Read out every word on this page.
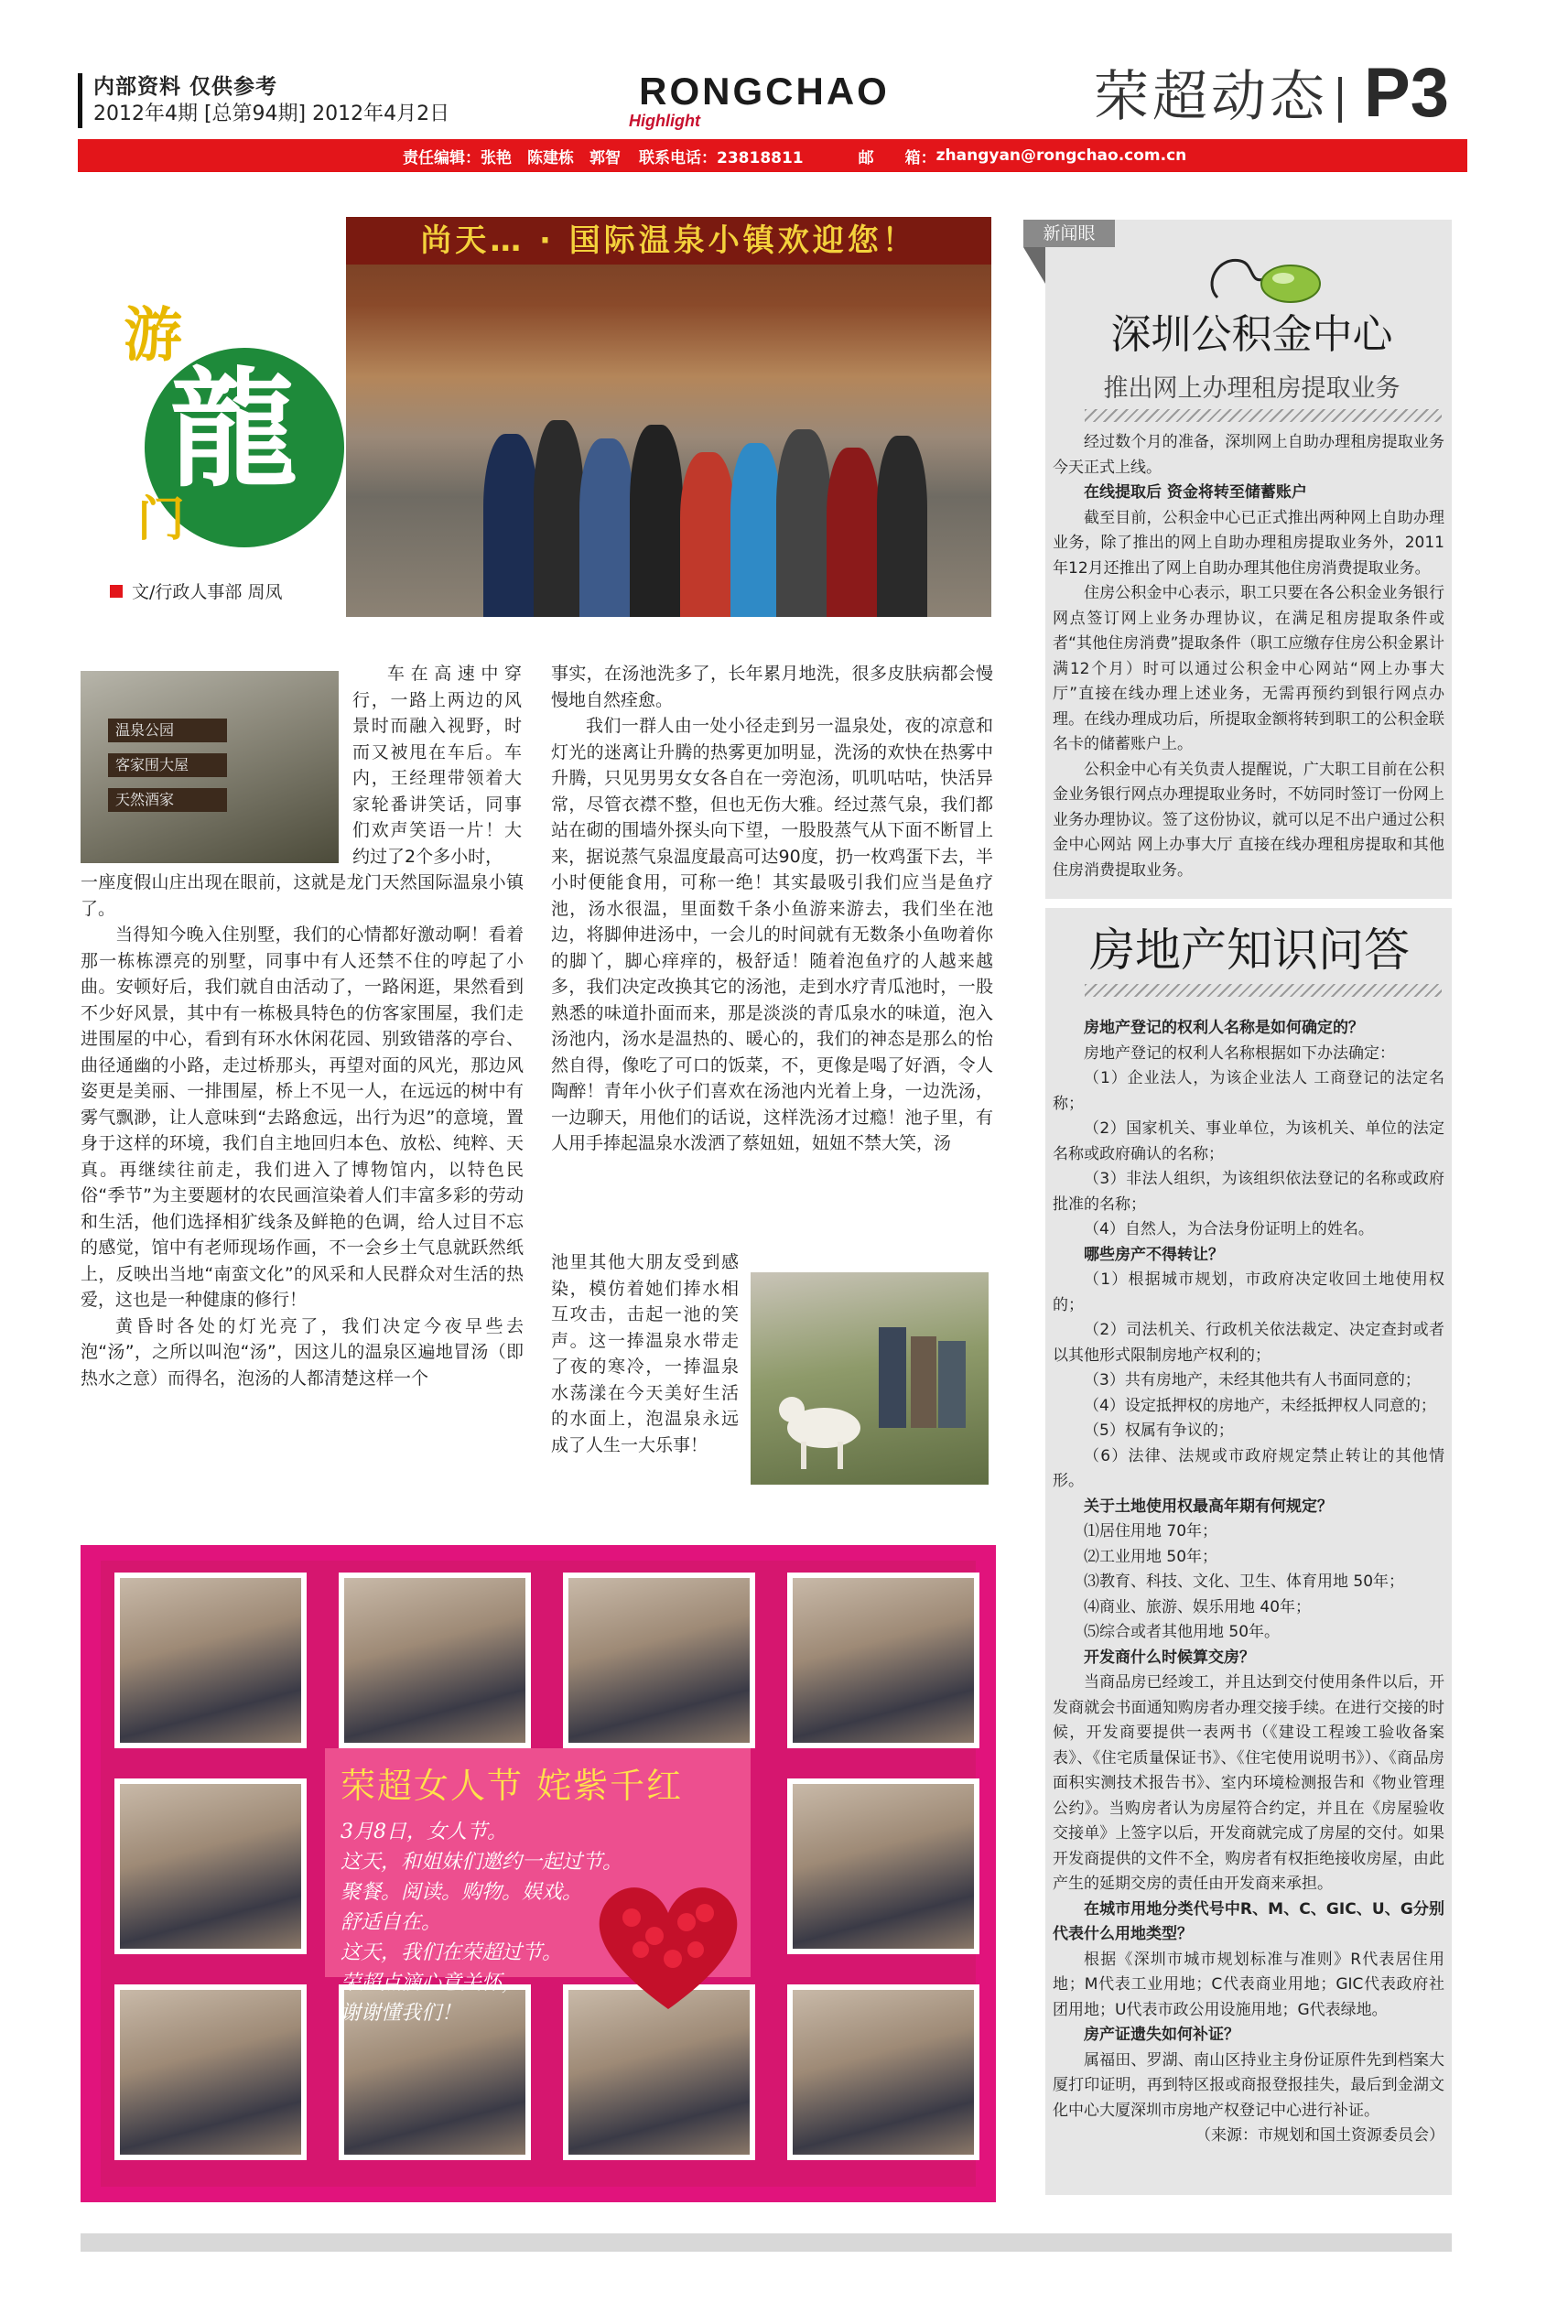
内部资料 仅供参考
2012年4期 [总第94期] 2012年4月2日
RONGCHAO
Highlight	荣超动态 P3
责任编辑：张艳　陈建栋　郭智 联系电话：23818811	邮　　箱： zhangyan@rongchao.com.cn
尚天… · 国际温泉小镇欢迎您！
游
龍
门
文/行政人事部 周凤
温泉公园
客家围大屋
天然酒家

车在高速中穿行，一路上两边的风景时而融入视野，时而又被甩在车后。车内，王经理带领着大家轮番讲笑话，同事们欢声笑语一片！大约过了2个多小时，

一座度假山庄出现在眼前，这就是龙门天然国际温泉小镇了。

当得知今晚入住别墅，我们的心情都好激动啊！看着那一栋栋漂亮的别墅，同事中有人还禁不住的哼起了小曲。安顿好后，我们就自由活动了，一路闲逛，果然看到不少好风景，其中有一栋极具特色的仿客家围屋，我们走进围屋的中心，看到有环水休闲花园、别致错落的亭台、曲径通幽的小路，走过桥那头，再望对面的风光，那边风姿更是美丽、一排围屋，桥上不见一人，在远远的树中有雾气飘渺，让人意味到“去路愈远，出行为迟”的意境，置身于这样的环境，我们自主地回归本色、放松、纯粹、天真。再继续往前走，我们进入了博物馆内，以特色民俗“季节”为主要题材的农民画渲染着人们丰富多彩的劳动和生活，他们选择相犷线条及鲜艳的色调，给人过目不忘的感觉，馆中有老师现场作画，不一会乡土气息就跃然纸上，反映出当地“南蛮文化”的风采和人民群众对生活的热爱，这也是一种健康的修行！

黄昏时各处的灯光亮了，我们决定今夜早些去泡“汤”，之所以叫泡“汤”，因这儿的温泉区遍地冒汤（即热水之意）而得名，泡汤的人都清楚这样一个

事实，在汤池洗多了，长年累月地洗，很多皮肤病都会慢慢地自然痊愈。

我们一群人由一处小径走到另一温泉处，夜的凉意和灯光的迷离让升腾的热雾更加明显，洗汤的欢快在热雾中升腾，只见男男女女各自在一旁泡汤，叽叽咕咕，快活异常，尽管衣襟不整，但也无伤大雅。经过蒸气泉，我们都站在砌的围墙外探头向下望，一股股蒸气从下面不断冒上来，据说蒸气泉温度最高可达90度，扔一枚鸡蛋下去，半小时便能食用，可称一绝！其实最吸引我们应当是鱼疗池，汤水很温，里面数千条小鱼游来游去，我们坐在池边，将脚伸进汤中，一会儿的时间就有无数条小鱼吻着你的脚丫，脚心痒痒的，极舒适！随着泡鱼疗的人越来越多，我们决定改换其它的汤池，走到水疗青瓜池时，一股熟悉的味道扑面而来，那是淡淡的青瓜泉水的味道，泡入汤池内，汤水是温热的、暖心的，我们的神态是那么的怡然自得，像吃了可口的饭菜，不，更像是喝了好酒，令人陶醉！青年小伙子们喜欢在汤池内光着上身，一边洗汤，一边聊天，用他们的话说，这样洗汤才过瘾！池子里，有人用手捧起温泉水泼洒了蔡妞妞，妞妞不禁大笑，汤

池里其他大朋友受到感染，模仿着她们捧水相互攻击，击起一池的笑声。这一捧温泉水带走了夜的寒冷，一捧温泉水荡漾在今天美好生活的水面上，泡温泉永远成了人生一大乐事！

新闻眼
深圳公积金中心
推出网上办理租房提取业务

经过数个月的准备，深圳网上自助办理租房提取业务今天正式上线。

在线提取后 资金将转至储蓄账户

截至目前，公积金中心已正式推出两种网上自助办理业务，除了推出的网上自助办理租房提取业务外，2011年12月还推出了网上自助办理其他住房消费提取业务。

住房公积金中心表示，职工只要在各公积金业务银行网点签订网上业务办理协议，在满足租房提取条件或者“其他住房消费”提取条件（职工应缴存住房公积金累计满12个月）时可以通过公积金中心网站“网上办事大厅”直接在线办理上述业务，无需再预约到银行网点办理。在线办理成功后，所提取金额将转到职工的公积金联名卡的储蓄账户上。

公积金中心有关负责人提醒说，广大职工目前在公积金业务银行网点办理提取业务时，不妨同时签订一份网上业务办理协议。签了这份协议，就可以足不出户通过公积金中心网站 网上办事大厅 直接在线办理租房提取和其他住房消费提取业务。

房地产知识问答

房地产登记的权利人名称是如何确定的？

房地产登记的权利人名称根据如下办法确定：

（1）企业法人，为该企业法人 工商登记的法定名称；

（2）国家机关、事业单位，为该机关、单位的法定名称或政府确认的名称；

（3）非法人组织，为该组织依法登记的名称或政府批准的名称；

（4）自然人，为合法身份证明上的姓名。

哪些房产不得转让？

（1）根据城市规划，市政府决定收回土地使用权的；

（2）司法机关、行政机关依法裁定、决定查封或者以其他形式限制房地产权利的；

（3）共有房地产，未经其他共有人书面同意的；

（4）设定抵押权的房地产，未经抵押权人同意的；

（5）权属有争议的；

（6）法律、法规或市政府规定禁止转让的其他情形。

关于土地使用权最高年期有何规定？

⑴居住用地 70年；

⑵工业用地 50年；

⑶教育、科技、文化、卫生、体育用地 50年；

⑷商业、旅游、娱乐用地 40年；

⑸综合或者其他用地 50年。

开发商什么时候算交房？

当商品房已经竣工，并且达到交付使用条件以后，开发商就会书面通知购房者办理交接手续。在进行交接的时候，开发商要提供一表两书（《建设工程竣工验收备案表》、《住宅质量保证书》、《住宅使用说明书》）、《商品房面积实测技术报告书》、室内环境检测报告和《物业管理公约》。当购房者认为房屋符合约定，并且在《房屋验收交接单》上签字以后，开发商就完成了房屋的交付。如果开发商提供的文件不全，购房者有权拒绝接收房屋，由此产生的延期交房的责任由开发商来承担。

在城市用地分类代号中R、M、C、GIC、U、G分别代表什么用地类型？

根据《深圳市城市规划标准与准则》R代表居住用地；M代表工业用地；C代表商业用地；GIC代表政府社团用地；U代表市政公用设施用地；G代表绿地。

房产证遗失如何补证？

属福田、罗湖、南山区持业主身份证原件先到档案大厦打印证明，再到特区报或商报登报挂失，最后到金湖文化中心大厦深圳市房地产权登记中心进行补证。

（来源：市规划和国土资源委员会）

荣超女人节 姹紫千红
3月8日，女人节。
这天，和姐妹们邀约一起过节。
聚餐。阅读。购物。娱戏。
舒适自在。
这天，我们在荣超过节。
荣超点滴心意关怀，
谢谢懂我们！
